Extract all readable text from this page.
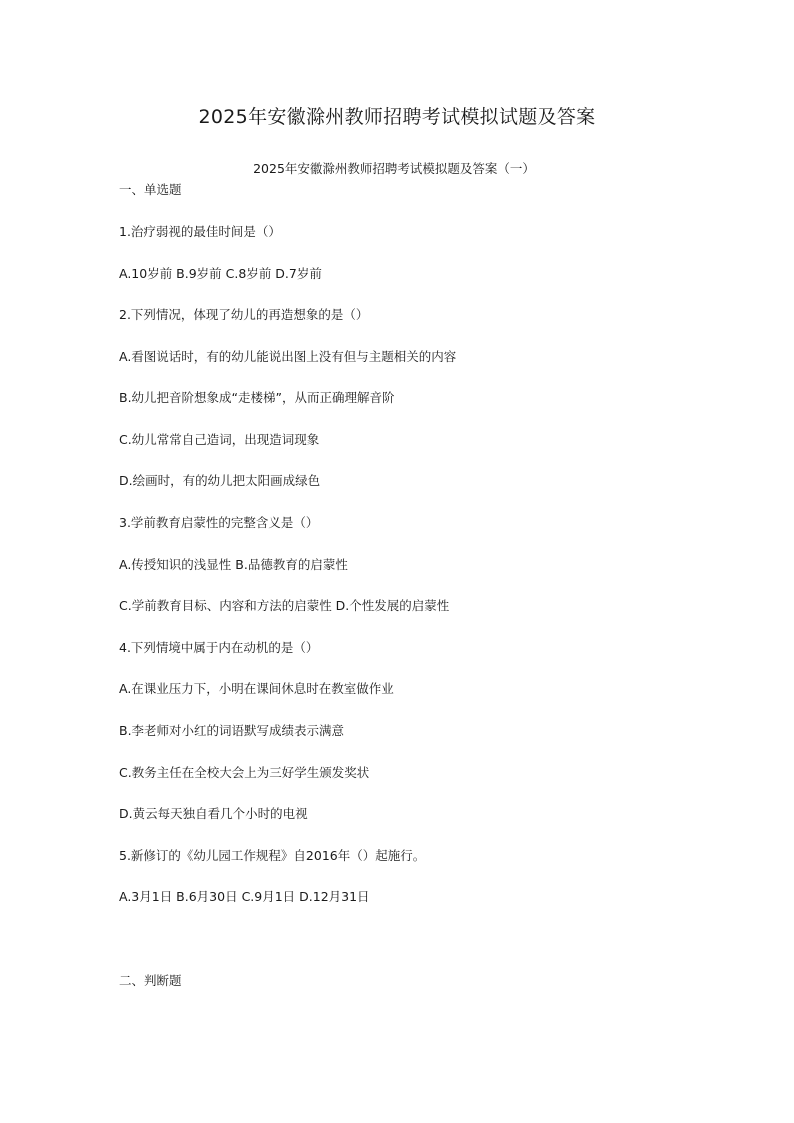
2025年安徽滁州教师招聘考试模拟试题及答案
2025年安徽滁州教师招聘考试模拟题及答案（一）
一、单选题
1.治疗弱视的最佳时间是（）
A.10岁前 B.9岁前 C.8岁前 D.7岁前
2.下列情况，体现了幼儿的再造想象的是（）
A.看图说话时，有的幼儿能说出图上没有但与主题相关的内容
B.幼儿把音阶想象成“走楼梯”，从而正确理解音阶
C.幼儿常常自己造词，出现造词现象
D.绘画时，有的幼儿把太阳画成绿色
3.学前教育启蒙性的完整含义是（）
A.传授知识的浅显性 B.品德教育的启蒙性
C.学前教育目标、内容和方法的启蒙性 D.个性发展的启蒙性
4.下列情境中属于内在动机的是（）
A.在课业压力下，小明在课间休息时在教室做作业
B.李老师对小红的词语默写成绩表示满意
C.教务主任在全校大会上为三好学生颁发奖状
D.黄云每天独自看几个小时的电视
5.新修订的《幼儿园工作规程》自2016年（）起施行。
A.3月1日 B.6月30日 C.9月1日 D.12月31日
二、判断题
